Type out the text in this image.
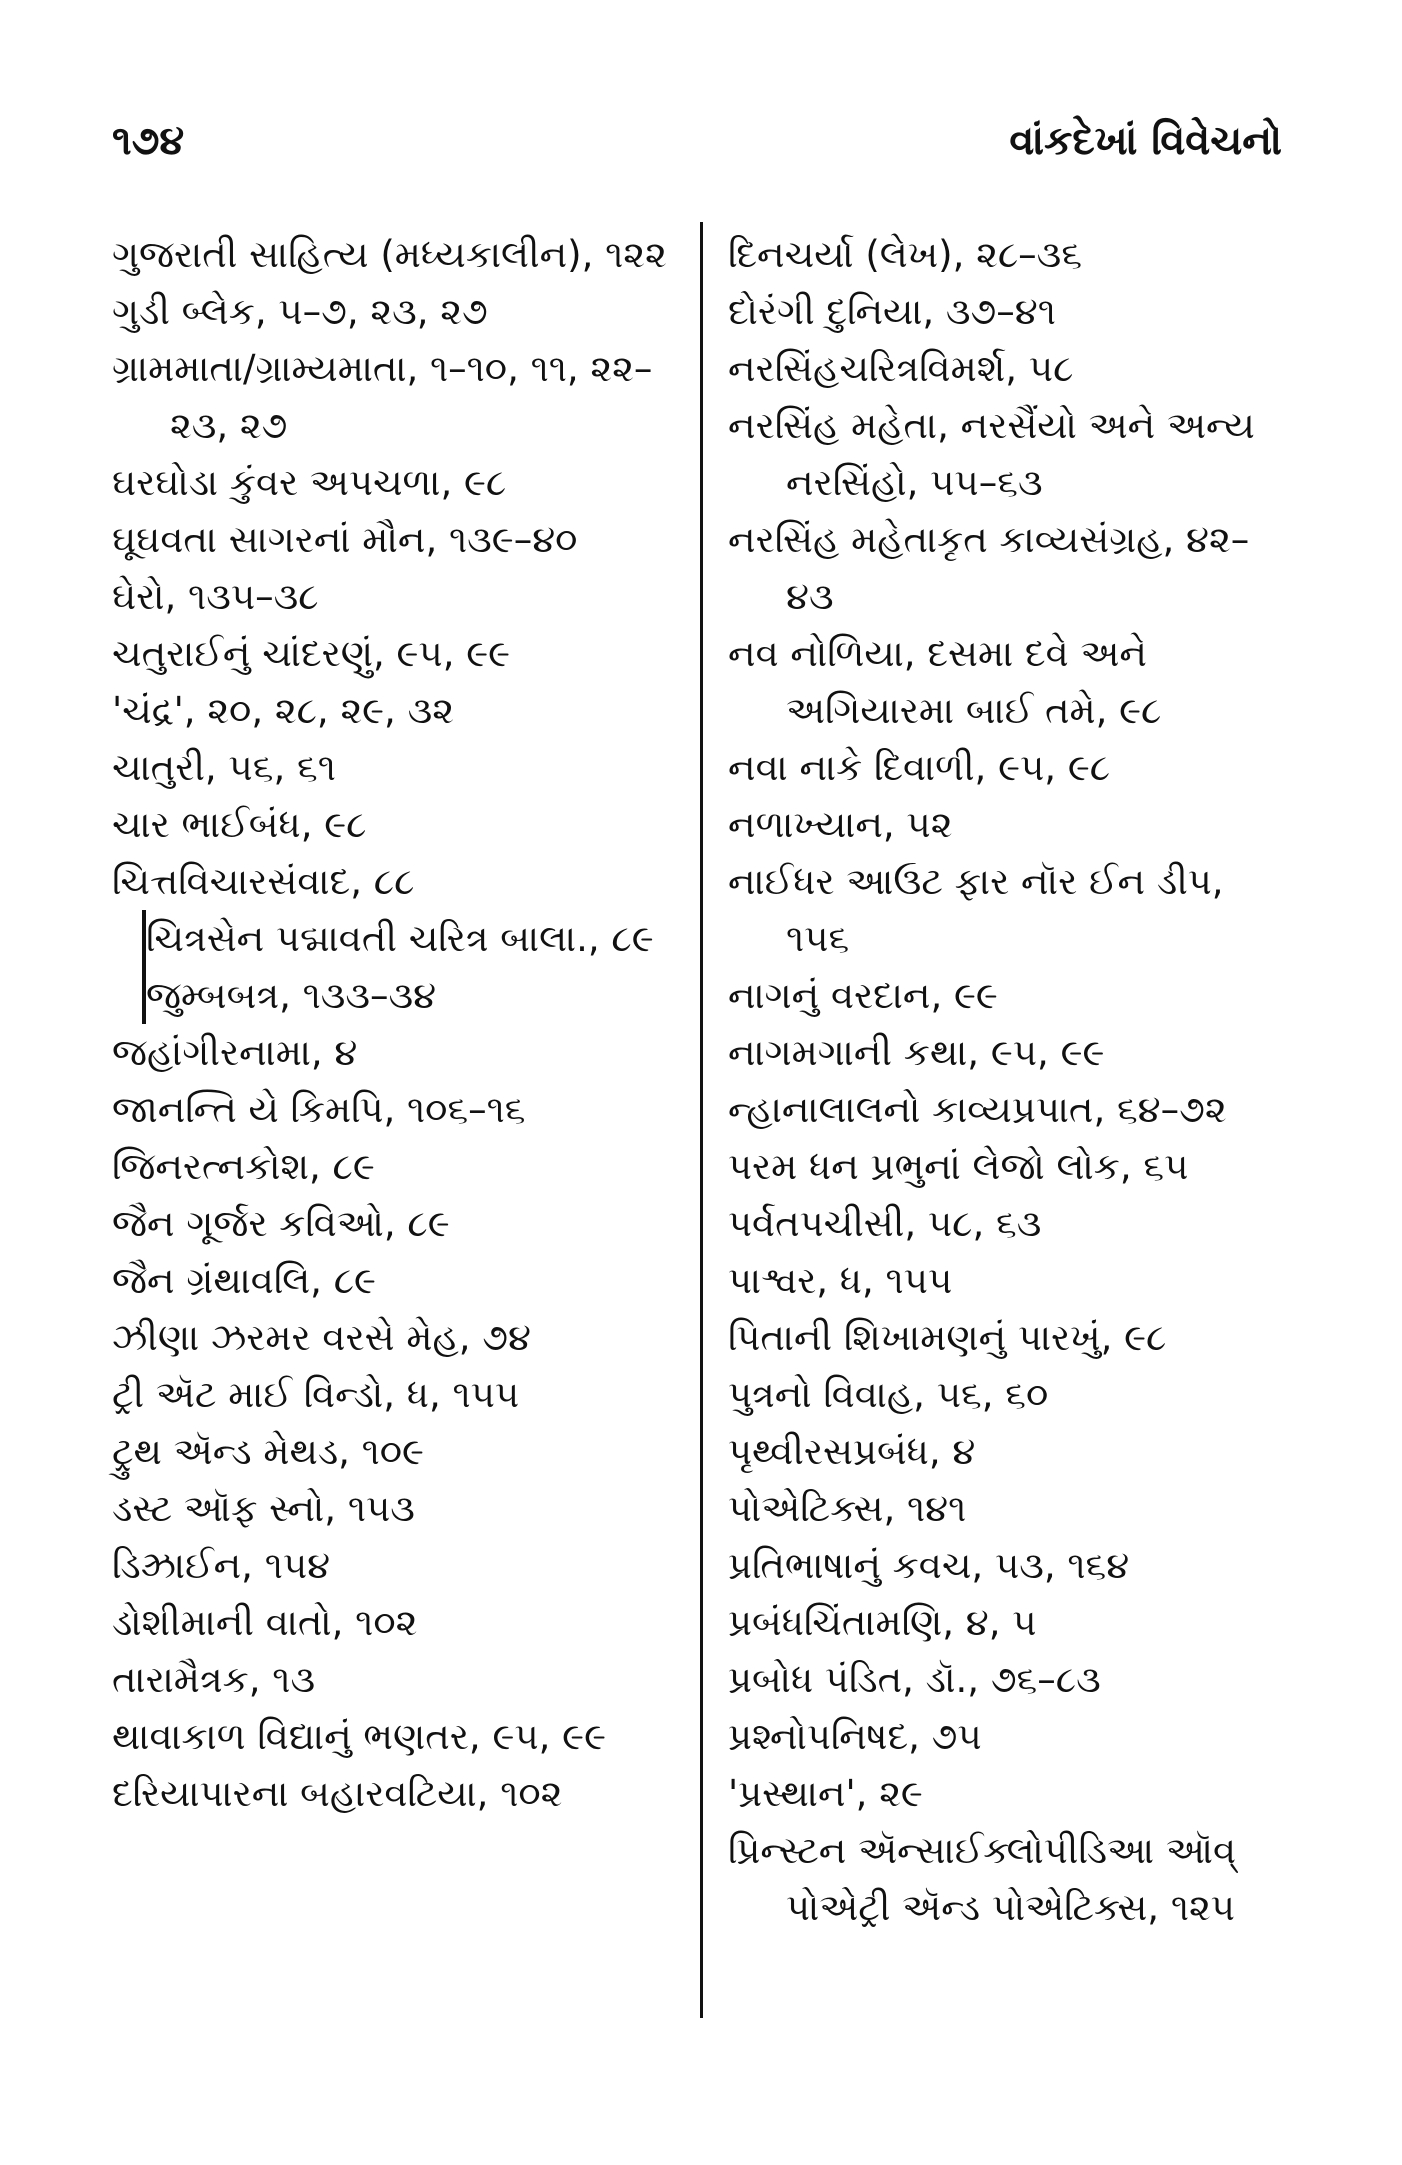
૧૭૪	વાંકદેખાં વિવેચનો

ગુજરાતી સાહિત્ય (મધ્યકાલીન), ૧૨૨

ગુડી બ્લેક, ૫–૭, ૨૩, ૨૭

ગ્રામમાતા/ગ્રામ્યમાતા, ૧–૧૦, ૧૧, ૨૨–૨૩, ૨૭

ઘરઘોડા કુંવર અપચળા, ૯૮

ઘૂઘવતા સાગરનાં મૌન, ૧૩૯–૪૦

ઘેરો, ૧૩૫–૩૮

ચતુરાઈનું ચાંદરણું, ૯૫, ૯૯

'ચંદ્ર', ૨૦, ૨૮, ૨૯, ૩૨

ચાતુરી, ૫૬, ૬૧

ચાર ભાઈબંધ, ૯૮

ચિત્તવિચારસંવાદ, ૮૮

ચિત્રસેન પદ્માવતી ચરિત્ર બાલા., ૮૯

જુમ્બબત્ર, ૧૩૩–૩૪

જહાંગીરનામા, ૪

જાનન્તિ યે કિમપિ, ૧૦૬–૧૬

જિનરત્નકોશ, ૮૯

જૈન ગૂર્જર કવિઓ, ૮૯

જૈન ગ્રંથાવલિ, ૮૯

ઝીણા ઝરમર વરસે મેહ, ૭૪

ટ્રી ઍટ માઈ વિન્ડો, ધ, ૧૫૫

ટ્રુથ ઍન્ડ મેથડ, ૧૦૯

ડસ્ટ ઑફ સ્નો, ૧૫૩

ડિઝ્રાઈન, ૧૫૪

ડોશીમાની વાતો, ૧૦૨

તારામૈત્રક, ૧૩

થાવાકાળ વિદ્યાનું ભણતર, ૯૫, ૯૯

દરિયાપારના બહારવટિયા, ૧૦૨

દિનચર્યા (લેખ), ૨૮–૩૬

દોરંગી દુનિયા, ૩૭–૪૧

નરસિંહચરિત્રવિમર્શ, ૫૮

નરસિંહ મહેતા, નરસૈંયો અને અન્ય નરસિંહો, ૫૫–૬૩

નરસિંહ મહેતાકૃત કાવ્યસંગ્રહ, ૪૨–૪૩

નવ નોળિયા, દસમા દવે અને અગિયારમા બાઈ તમે, ૯૮

નવા નાકે દિવાળી, ૯૫, ૯૮

નળાખ્યાન, ૫૨

નાઈધર આઉટ ફાર નૉર ઈન ડીપ, ૧૫૬

નાગનું વરદાન, ૯૯

નાગમગાની કથા, ૯૫, ૯૯

ન્હાનાલાલનો કાવ્યપ્રપાત, ૬૪–૭૨

પરમ ધન પ્રભુનાં લેજો લોક, ૬૫

પર્વતપચીસી, ૫૮, ૬૩

પાશ્વર, ધ, ૧૫૫

પિતાની શિખામણનું પારખું, ૯૮

પુત્રનો વિવાહ, ૫૬, ૬૦

પૃથ્વીરસપ્રબંધ, ૪

પોએટિક્સ, ૧૪૧

પ્રતિભાષાનું કવચ, ૫૩, ૧૬૪

પ્રબંધચિંતામણિ, ૪, ૫

પ્રબોધ પંડિત, ડૉ., ૭૬–૮૩

પ્રશ્નોપનિષદ, ૭૫

'પ્રસ્થાન', ૨૯

પ્રિન્સ્ટન ઍન્સાઈક્લોપીડિઆ ઑવ્ પોએટ્રી ઍન્ડ પોએટિક્સ, ૧૨૫
